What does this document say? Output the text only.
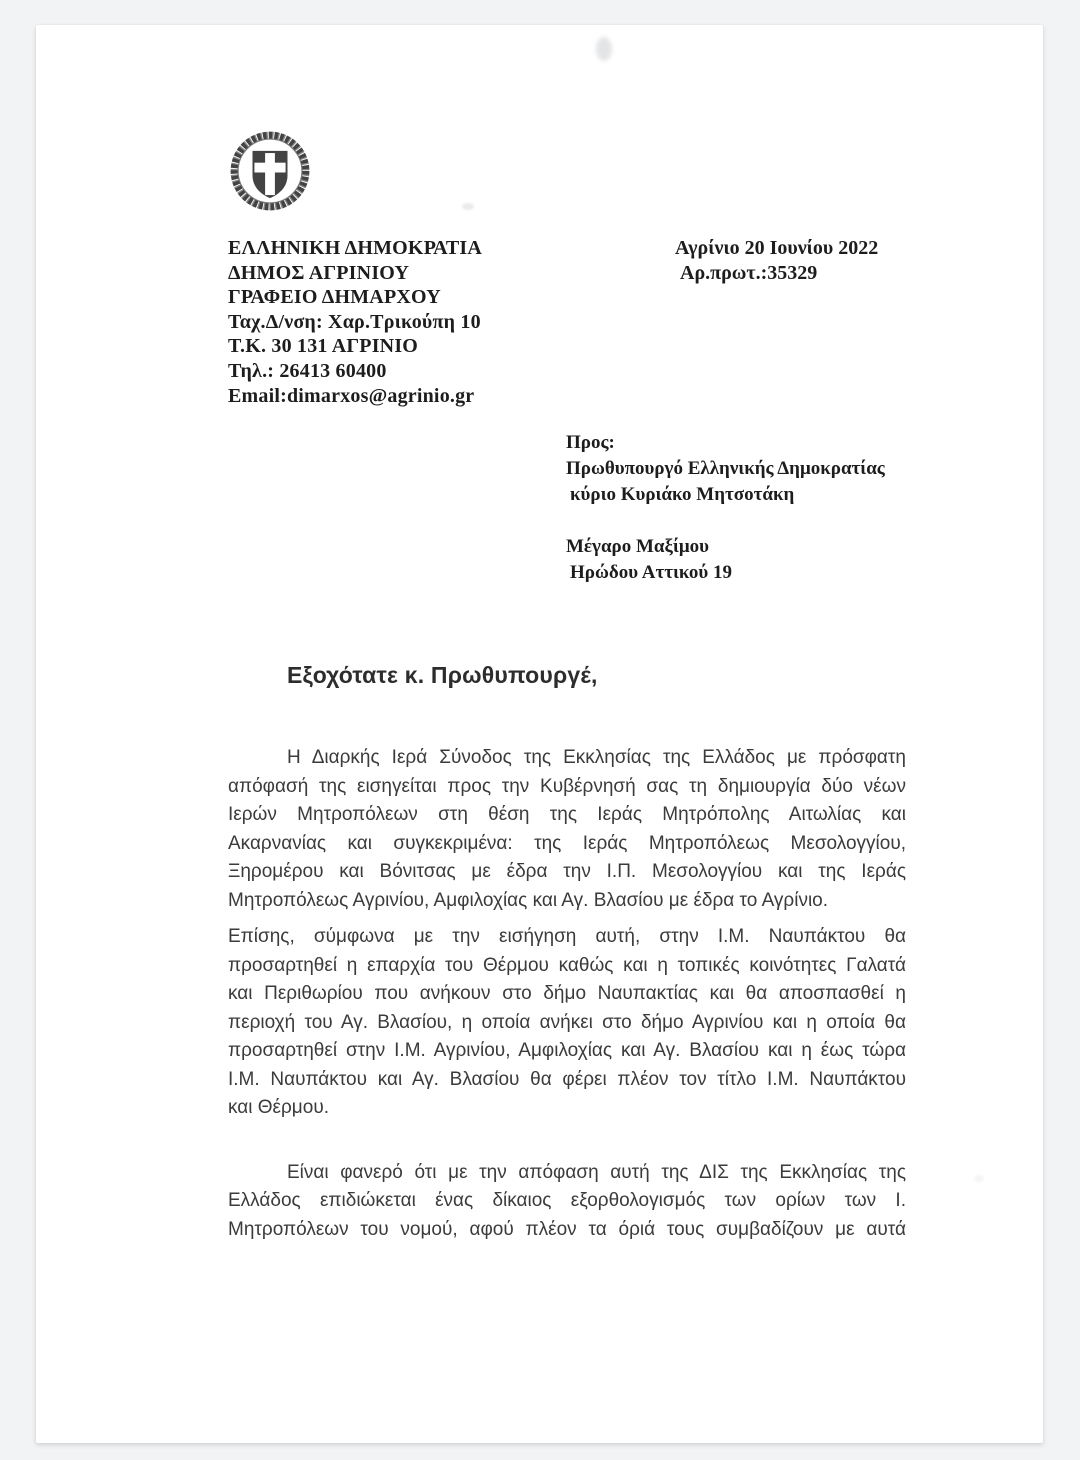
ΕΛΛΗΝΙΚΗ ΔΗΜΟΚΡΑΤΙΑ
ΔΗΜΟΣ ΑΓΡΙΝΙΟΥ
ΓΡΑΦΕΙΟ ΔΗΜΑΡΧΟΥ
Ταχ.Δ/νση: Χαρ.Τρικούπη 10
Τ.Κ. 30 131 ΑΓΡΙΝΙΟ
Τηλ.: 26413 60400
Email:dimarxos@agrinio.gr
Αγρίνιο 20 Ιουνίου 2022
Αρ.πρωτ.:35329
Προς:
Πρωθυπουργό Ελληνικής Δημοκρατίας
κύριο Κυριάκο Μητσοτάκη
Μέγαρο Μαξίμου
Ηρώδου Αττικού 19
Εξοχότατε κ. Πρωθυπουργέ,
Η Διαρκής Ιερά Σύνοδος της Εκκλησίας της Ελλάδος με πρόσφατη
απόφασή της εισηγείται προς την Κυβέρνησή σας τη δημιουργία δύο νέων
Ιερών Μητροπόλεων στη θέση της Ιεράς Μητρόπολης Αιτωλίας και
Ακαρνανίας και συγκεκριμένα: της Ιεράς Μητροπόλεως Μεσολογγίου,
Ξηρομέρου και Βόνιτσας με έδρα την Ι.Π. Μεσολογγίου και της Ιεράς
Μητροπόλεως Αγρινίου, Αμφιλοχίας και Αγ. Βλασίου με έδρα το Αγρίνιο.
Επίσης, σύμφωνα με την εισήγηση αυτή, στην Ι.Μ. Ναυπάκτου θα
προσαρτηθεί η επαρχία του Θέρμου καθώς και η τοπικές κοινότητες Γαλατά
και Περιθωρίου που ανήκουν στο δήμο Ναυπακτίας και θα αποσπασθεί η
περιοχή του Αγ. Βλασίου, η οποία ανήκει στο δήμο Αγρινίου και η οποία θα
προσαρτηθεί στην Ι.Μ. Αγρινίου, Αμφιλοχίας και Αγ. Βλασίου και η έως τώρα
Ι.Μ. Ναυπάκτου και Αγ. Βλασίου θα φέρει πλέον τον τίτλο Ι.Μ. Ναυπάκτου
και Θέρμου.
Είναι φανερό ότι με την απόφαση αυτή της ΔΙΣ της Εκκλησίας της
Ελλάδος επιδιώκεται ένας δίκαιος εξορθολογισμός των ορίων των Ι.
Μητροπόλεων του νομού, αφού πλέον τα όριά τους συμβαδίζουν με αυτά
